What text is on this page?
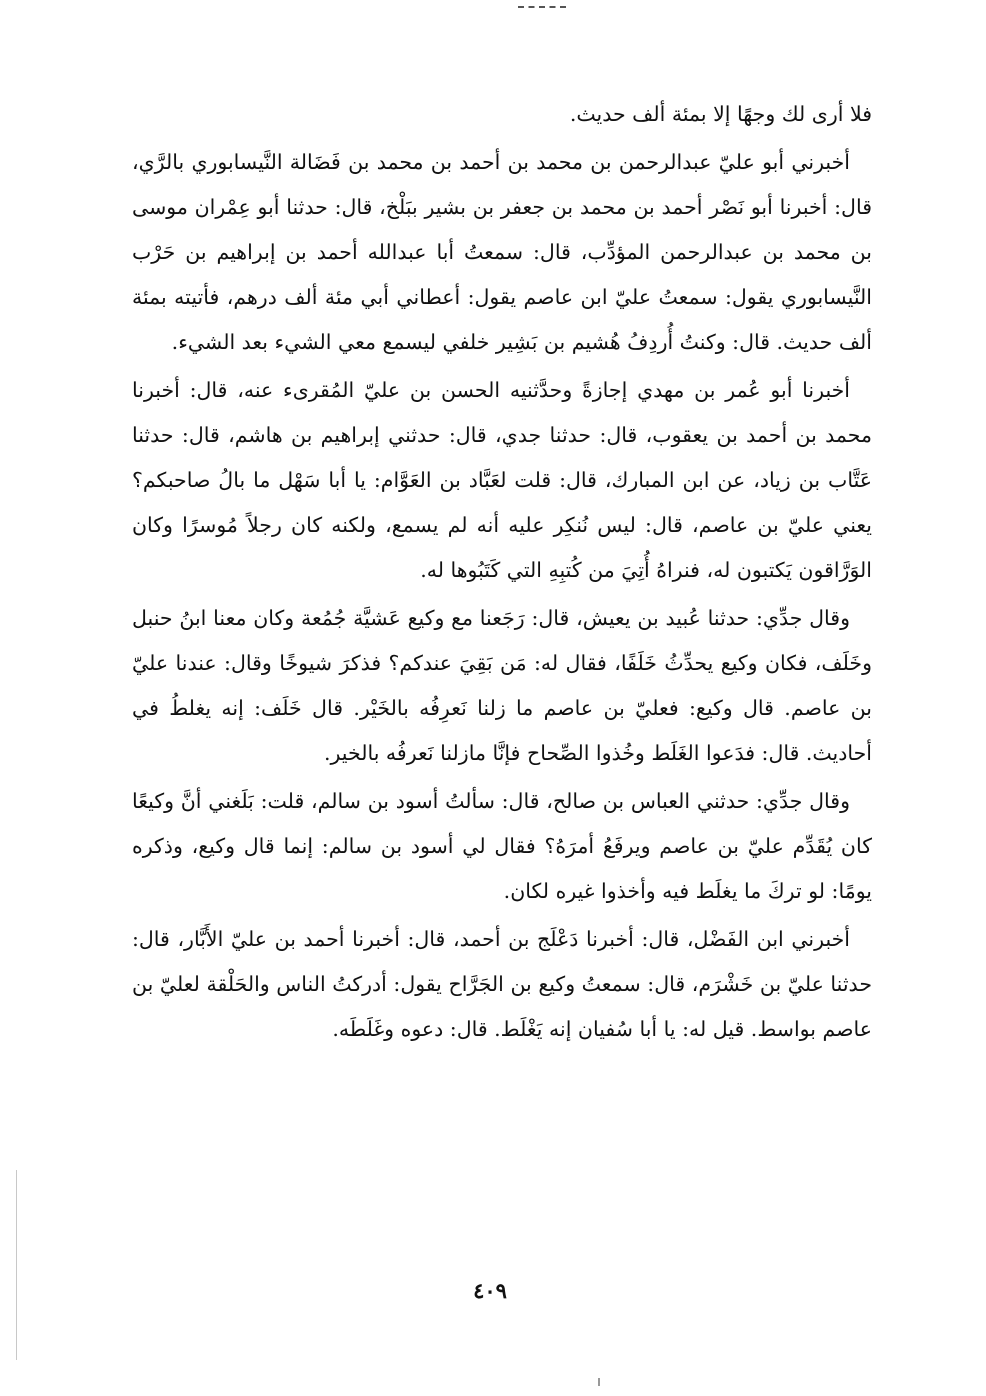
فلا أرى لك وجهًا إلا بمئة ألف حديث.

أخبرني أبو عليّ عبدالرحمن بن محمد بن أحمد بن محمد بن فَضَالة النَّيسابوري بالرَّي، قال: أخبرنا أبو نَصْر أحمد بن محمد بن جعفر بن بشير ببَلْخ، قال: حدثنا أبو عِمْران موسى بن محمد بن عبدالرحمن المؤدِّب، قال: سمعتُ أبا عبدالله أحمد بن إبراهيم بن حَرْب النَّيسابوري يقول: سمعتُ عليّ ابن عاصم يقول: أعطاني أبي مئة ألف درهم، فأتيته بمئة ألف حديث. قال: وكنتُ أُردِفُ هُشيم بن بَشِير خلفي ليسمع معي الشيء بعد الشيء.

أخبرنا أبو عُمر بن مهدي إجازةً وحدَّثنيه الحسن بن عليّ المُقرىء عنه، قال: أخبرنا محمد بن أحمد بن يعقوب، قال: حدثنا جدي، قال: حدثني إبراهيم بن هاشم، قال: حدثنا عَتَّاب بن زياد، عن ابن المبارك، قال: قلت لعَبَّاد بن العَوَّام: يا أبا سَهْل ما بالُ صاحبكم؟ يعني عليّ بن عاصم، قال: ليس نُنكِر عليه أنه لم يسمع، ولكنه كان رجلاً مُوسرًا وكان الوَرَّاقون يَكتبون له، فنراهُ أُتِيَ من كُتبِهِ التي كَتَبُوها له.

وقال جدِّي: حدثنا عُبيد بن يعيش، قال: رَجَعنا مع وكيع عَشيَّة جُمُعة وكان معنا ابنُ حنبل وخَلَف، فكان وكيع يحدِّثُ خَلَفًا، فقال له: مَن بَقِيَ عندكم؟ فذكرَ شيوخًا وقال: عندنا عليّ بن عاصم. قال وكيع: فعليّ بن عاصم ما زلنا نَعرِفُه بالخَيْر. قال خَلَف: إنه يغلطُ في أحاديث. قال: فدَعوا الغَلَط وخُذوا الصِّحاح فإنَّا مازلنا نَعرفُه بالخير.

وقال جدِّي: حدثني العباس بن صالح، قال: سألتُ أسود بن سالم، قلت: بَلَغني أنَّ وكيعًا كان يُقَدِّم عليّ بن عاصم ويرفَعُ أمرَهُ؟ فقال لي أسود بن سالم: إنما قال وكيع، وذكره يومًا: لو تركَ ما يغلَط فيه وأخذوا غيره لكان.

أخبرني ابن الفَضْل، قال: أخبرنا دَعْلَج بن أحمد، قال: أخبرنا أحمد بن عليّ الأَبَّار، قال: حدثنا عليّ بن خَشْرَم، قال: سمعتُ وكيع بن الجَرَّاح يقول: أدركتُ الناس والحَلْقة لعليّ بن عاصم بواسط. قيل له: يا أبا سُفيان إنه يَغْلَط. قال: دعوه وغَلَطَه.

٤٠٩
